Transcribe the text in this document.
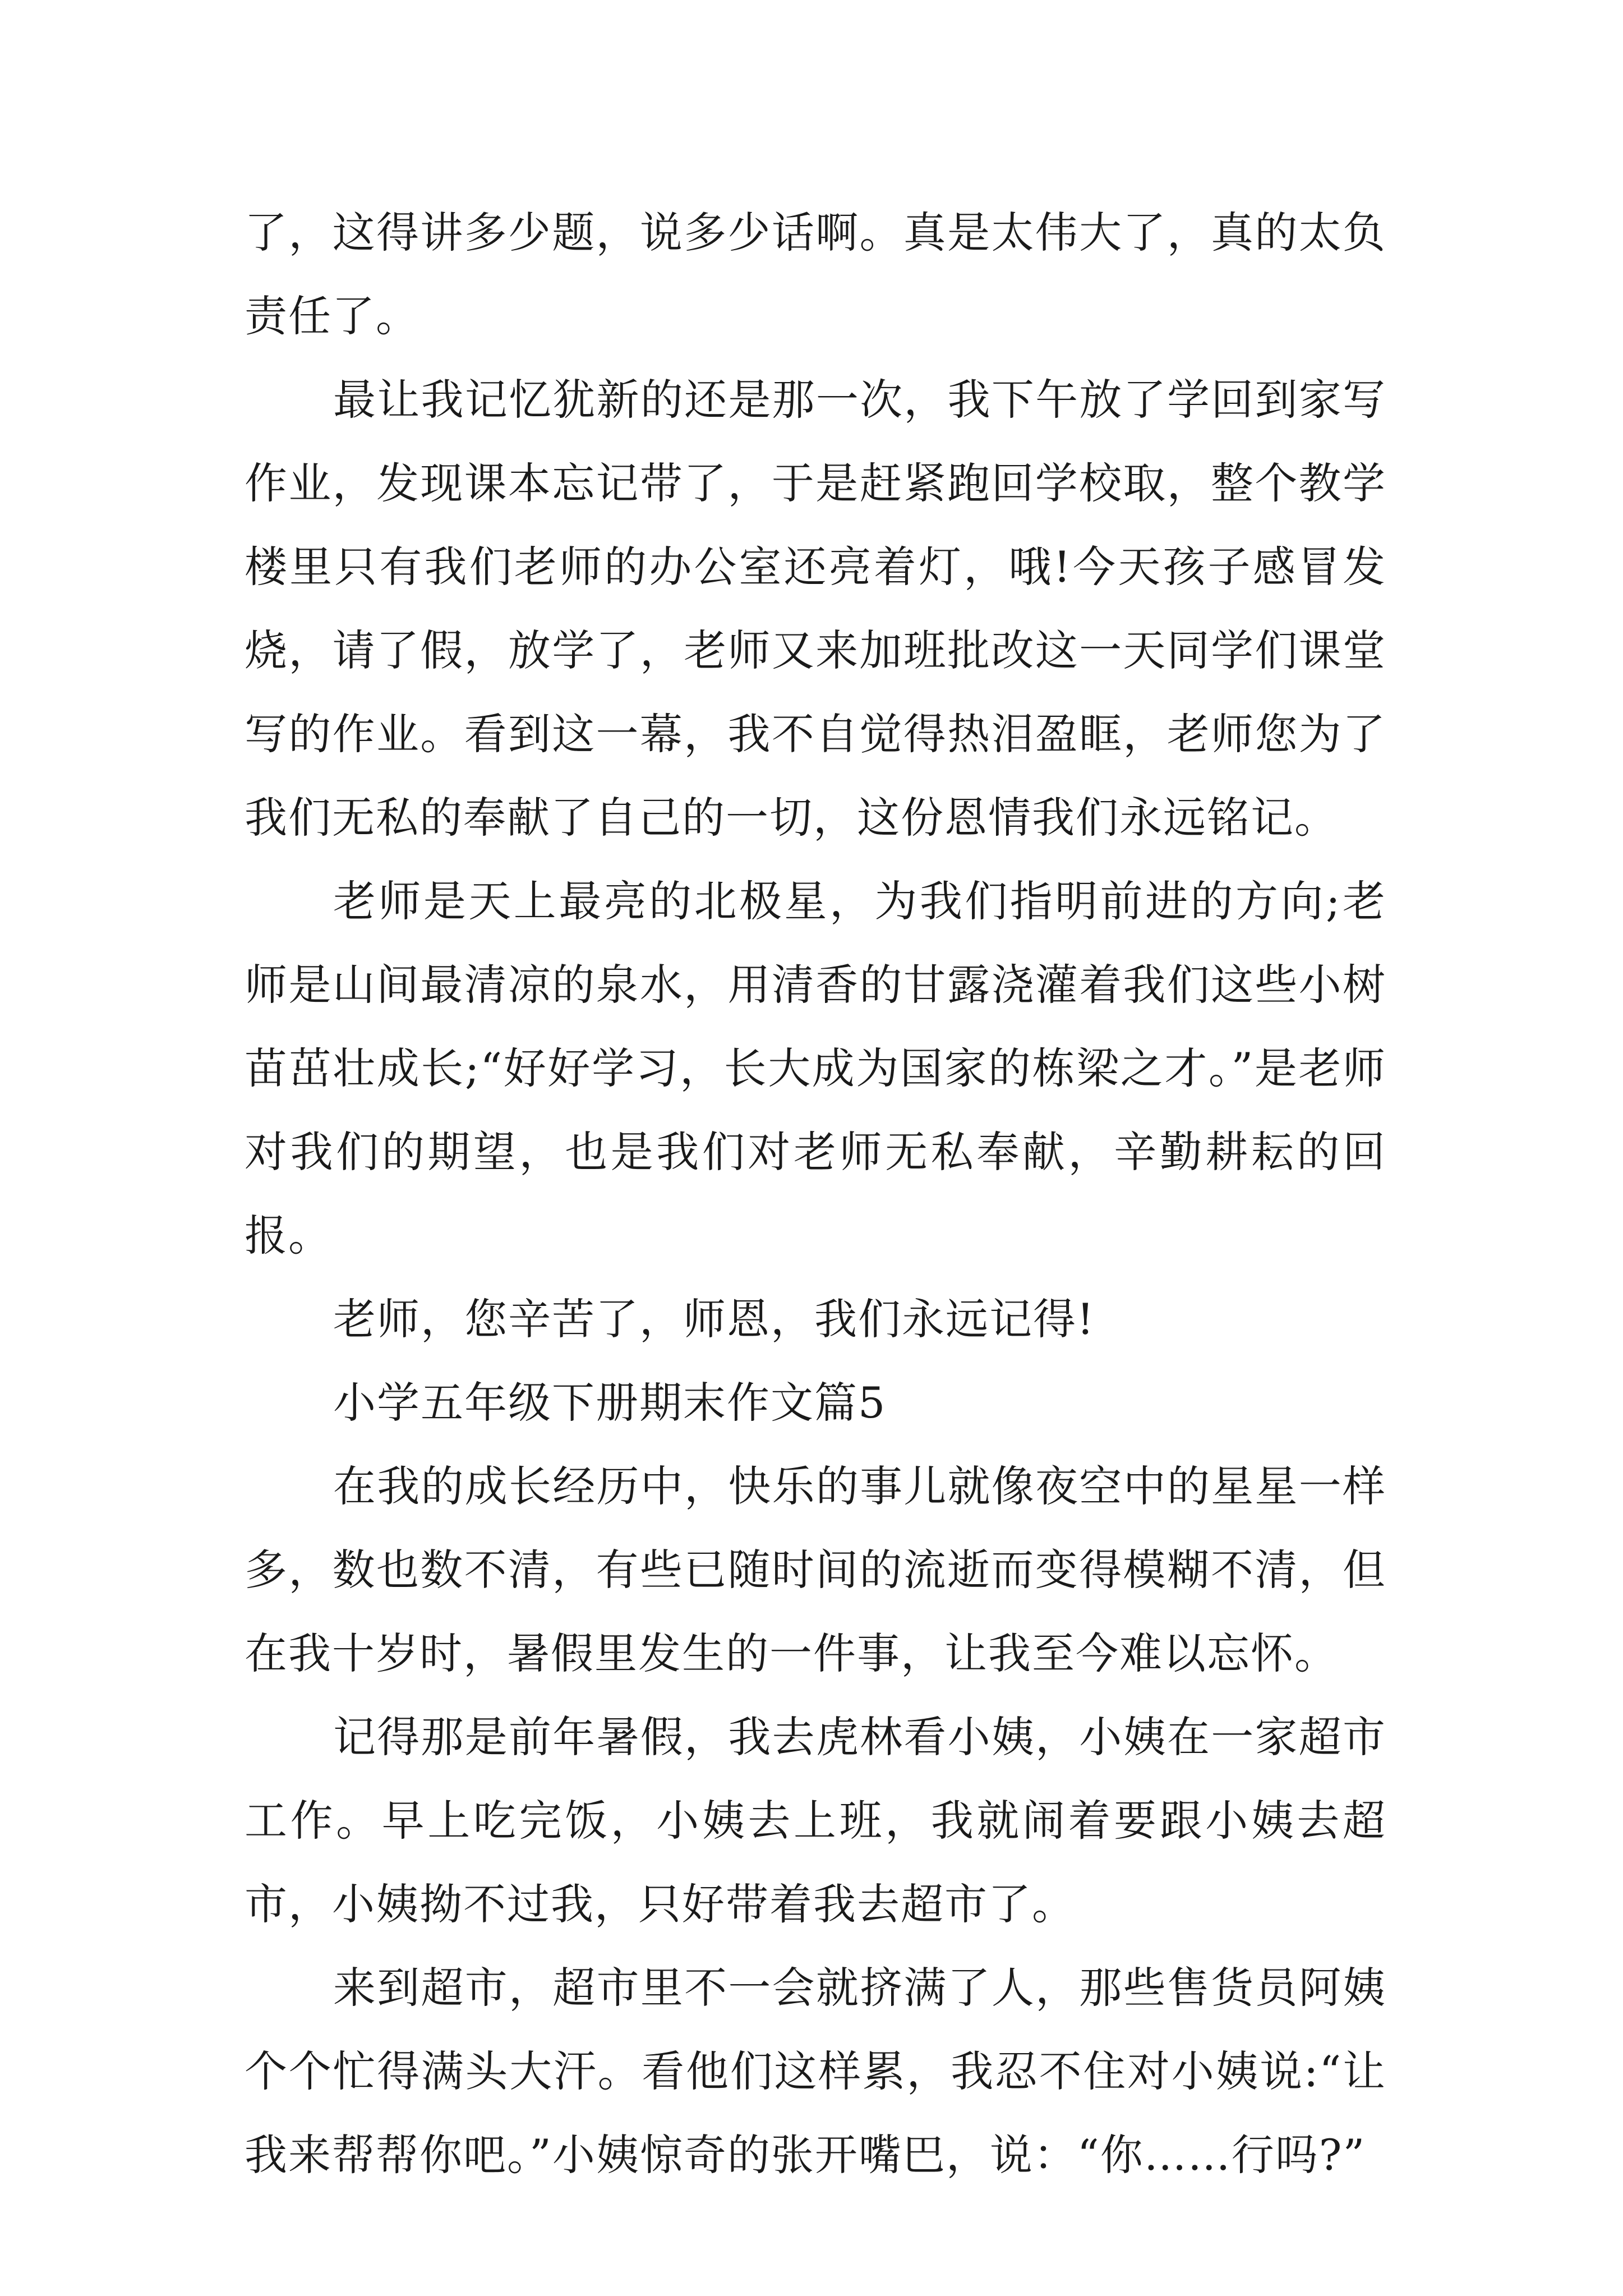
了，这得讲多少题，说多少话啊。真是太伟大了，真的太负责任了。

最让我记忆犹新的还是那一次，我下午放了学回到家写作业，发现课本忘记带了，于是赶紧跑回学校取，整个教学楼里只有我们老师的办公室还亮着灯，哦!今天孩子感冒发烧，请了假，放学了，老师又来加班批改这一天同学们课堂写的作业。看到这一幕，我不自觉得热泪盈眶，老师您为了我们无私的奉献了自己的一切，这份恩情我们永远铭记。

老师是天上最亮的北极星，为我们指明前进的方向;老师是山间最清凉的泉水，用清香的甘露浇灌着我们这些小树苗茁壮成长;“好好学习，长大成为国家的栋梁之才。”是老师对我们的期望，也是我们对老师无私奉献，辛勤耕耘的回报。

老师，您辛苦了，师恩，我们永远记得!

小学五年级下册期末作文篇5

在我的成长经历中，快乐的事儿就像夜空中的星星一样多，数也数不清，有些已随时间的流逝而变得模糊不清，但在我十岁时，暑假里发生的一件事，让我至今难以忘怀。

记得那是前年暑假，我去虎林看小姨，小姨在一家超市工作。早上吃完饭，小姨去上班，我就闹着要跟小姨去超市，小姨拗不过我，只好带着我去超市了。

来到超市，超市里不一会就挤满了人，那些售货员阿姨个个忙得满头大汗。看他们这样累，我忍不住对小姨说:“让我来帮帮你吧。”小姨惊奇的张开嘴巴，说：“你……行吗?”
